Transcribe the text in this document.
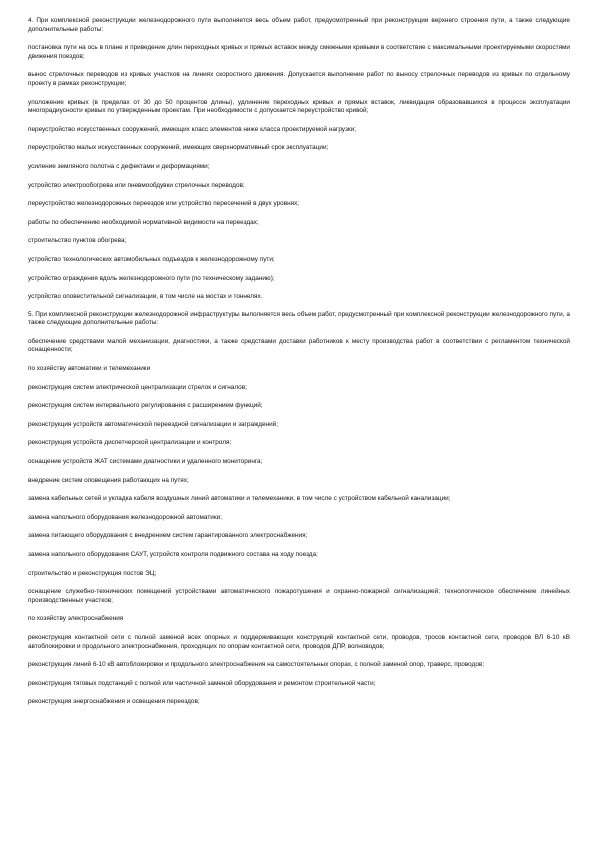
4. При комплексной реконструкции железнодорожного пути выполняется весь объем работ, предусмотренный при реконструкции верхнего строения пути, а также следующие дополнительные работы:

постановка пути на ось в плане и приведение длин переходных кривых и прямых вставок между смежными кривыми в соответствие с максимальными проектируемыми скоростями движения поездов;

вынос стрелочных переводов из кривых участков на линиях скоростного движения. Допускается выполнение работ по выносу стрелочных переводов из кривых по отдельному проекту в рамках реконструкции;

уположение кривых (в пределах от 30 до 50 процентов длины), удлинение переходных кривых и прямых вставок, ликвидация образовавшихся в процессе эксплуатации многорадиусности кривых по утвержденным проектам. При необходимости с допускается переустройство кривой;

переустройство искусственных сооружений, имеющих класс элементов ниже класса проектируемой нагрузки;

переустройство малых искусственных сооружений, имеющих сверхнормативный срок эксплуатации;

усиление земляного полотна с дефектами и деформациями;

устройство электрообогрева или пневмообдувки стрелочных переводов;

переустройство железнодорожных переездов или устройство пересечений в двух уровнях;

работы по обеспечению необходимой нормативной видимости на переездах;

строительство пунктов обогрева;

устройство технологических автомобильных подъездов к железнодорожному пути;

устройство ограждения вдоль железнодорожного пути (по техническому заданию);

устройство оповестительной сигнализации, в том числе на мостах и тоннелях.

5. При комплексной реконструкции железнодорожной инфраструктуры выполняется весь объем работ, предусмотренный при комплексной реконструкции железнодорожного пути, а также следующие дополнительные работы:

обеспечение средствами малой механизации, диагностики, а также средствами доставки работников к месту производства работ в соответствии с регламентом технической оснащенности;

по хозяйству автоматики и телемеханики

реконструкция систем электрической централизации стрелок и сигналов;

реконструкция систем интервального регулирования с расширением функций;

реконструкция устройств автоматической переездной сигнализации и заграждений;

реконструкция устройств диспетчерской централизации и контроля;

оснащение устройств ЖАТ системами диагностики и удаленного мониторинга;

внедрение систем оповещения работающих на путях;

замена кабельных сетей и укладка кабеля воздушных линий автоматики и телемеханики, в том числе с устройством кабельной канализации;

замена напольного оборудования железнодорожной автоматики;

замена питающего оборудования с внедрением систем гарантированного электроснабжения;

замена напольного оборудования САУТ, устройств контроля подвижного состава на ходу поезда;

строительство и реконструкция постов ЭЦ;

оснащение служебно-технических помещений устройствами автоматического пожаротушения и охранно-пожарной сигнализацией; технологическое обеспечение линейных производственных участков;

по хозяйству электроснабжения

реконструкция контактной сети с полной заменой всех опорных и поддерживающих конструкций контактной сети, проводов, тросов контактной сети, проводов ВЛ 6-10 кВ автоблокировки и продольного электроснабжения, проходящих по опорам контактной сети, проводов ДПР, волноводов;

реконструкция линий 6-10 кВ автоблокировки и продольного электроснабжения на самостоятельных опорах, с полной заменой опор, траверс, проводов;

реконструкция тяговых подстанций с полной или частичной заменой оборудования и ремонтом строительной части;

реконструкция энергоснабжения и освещения переездов;
